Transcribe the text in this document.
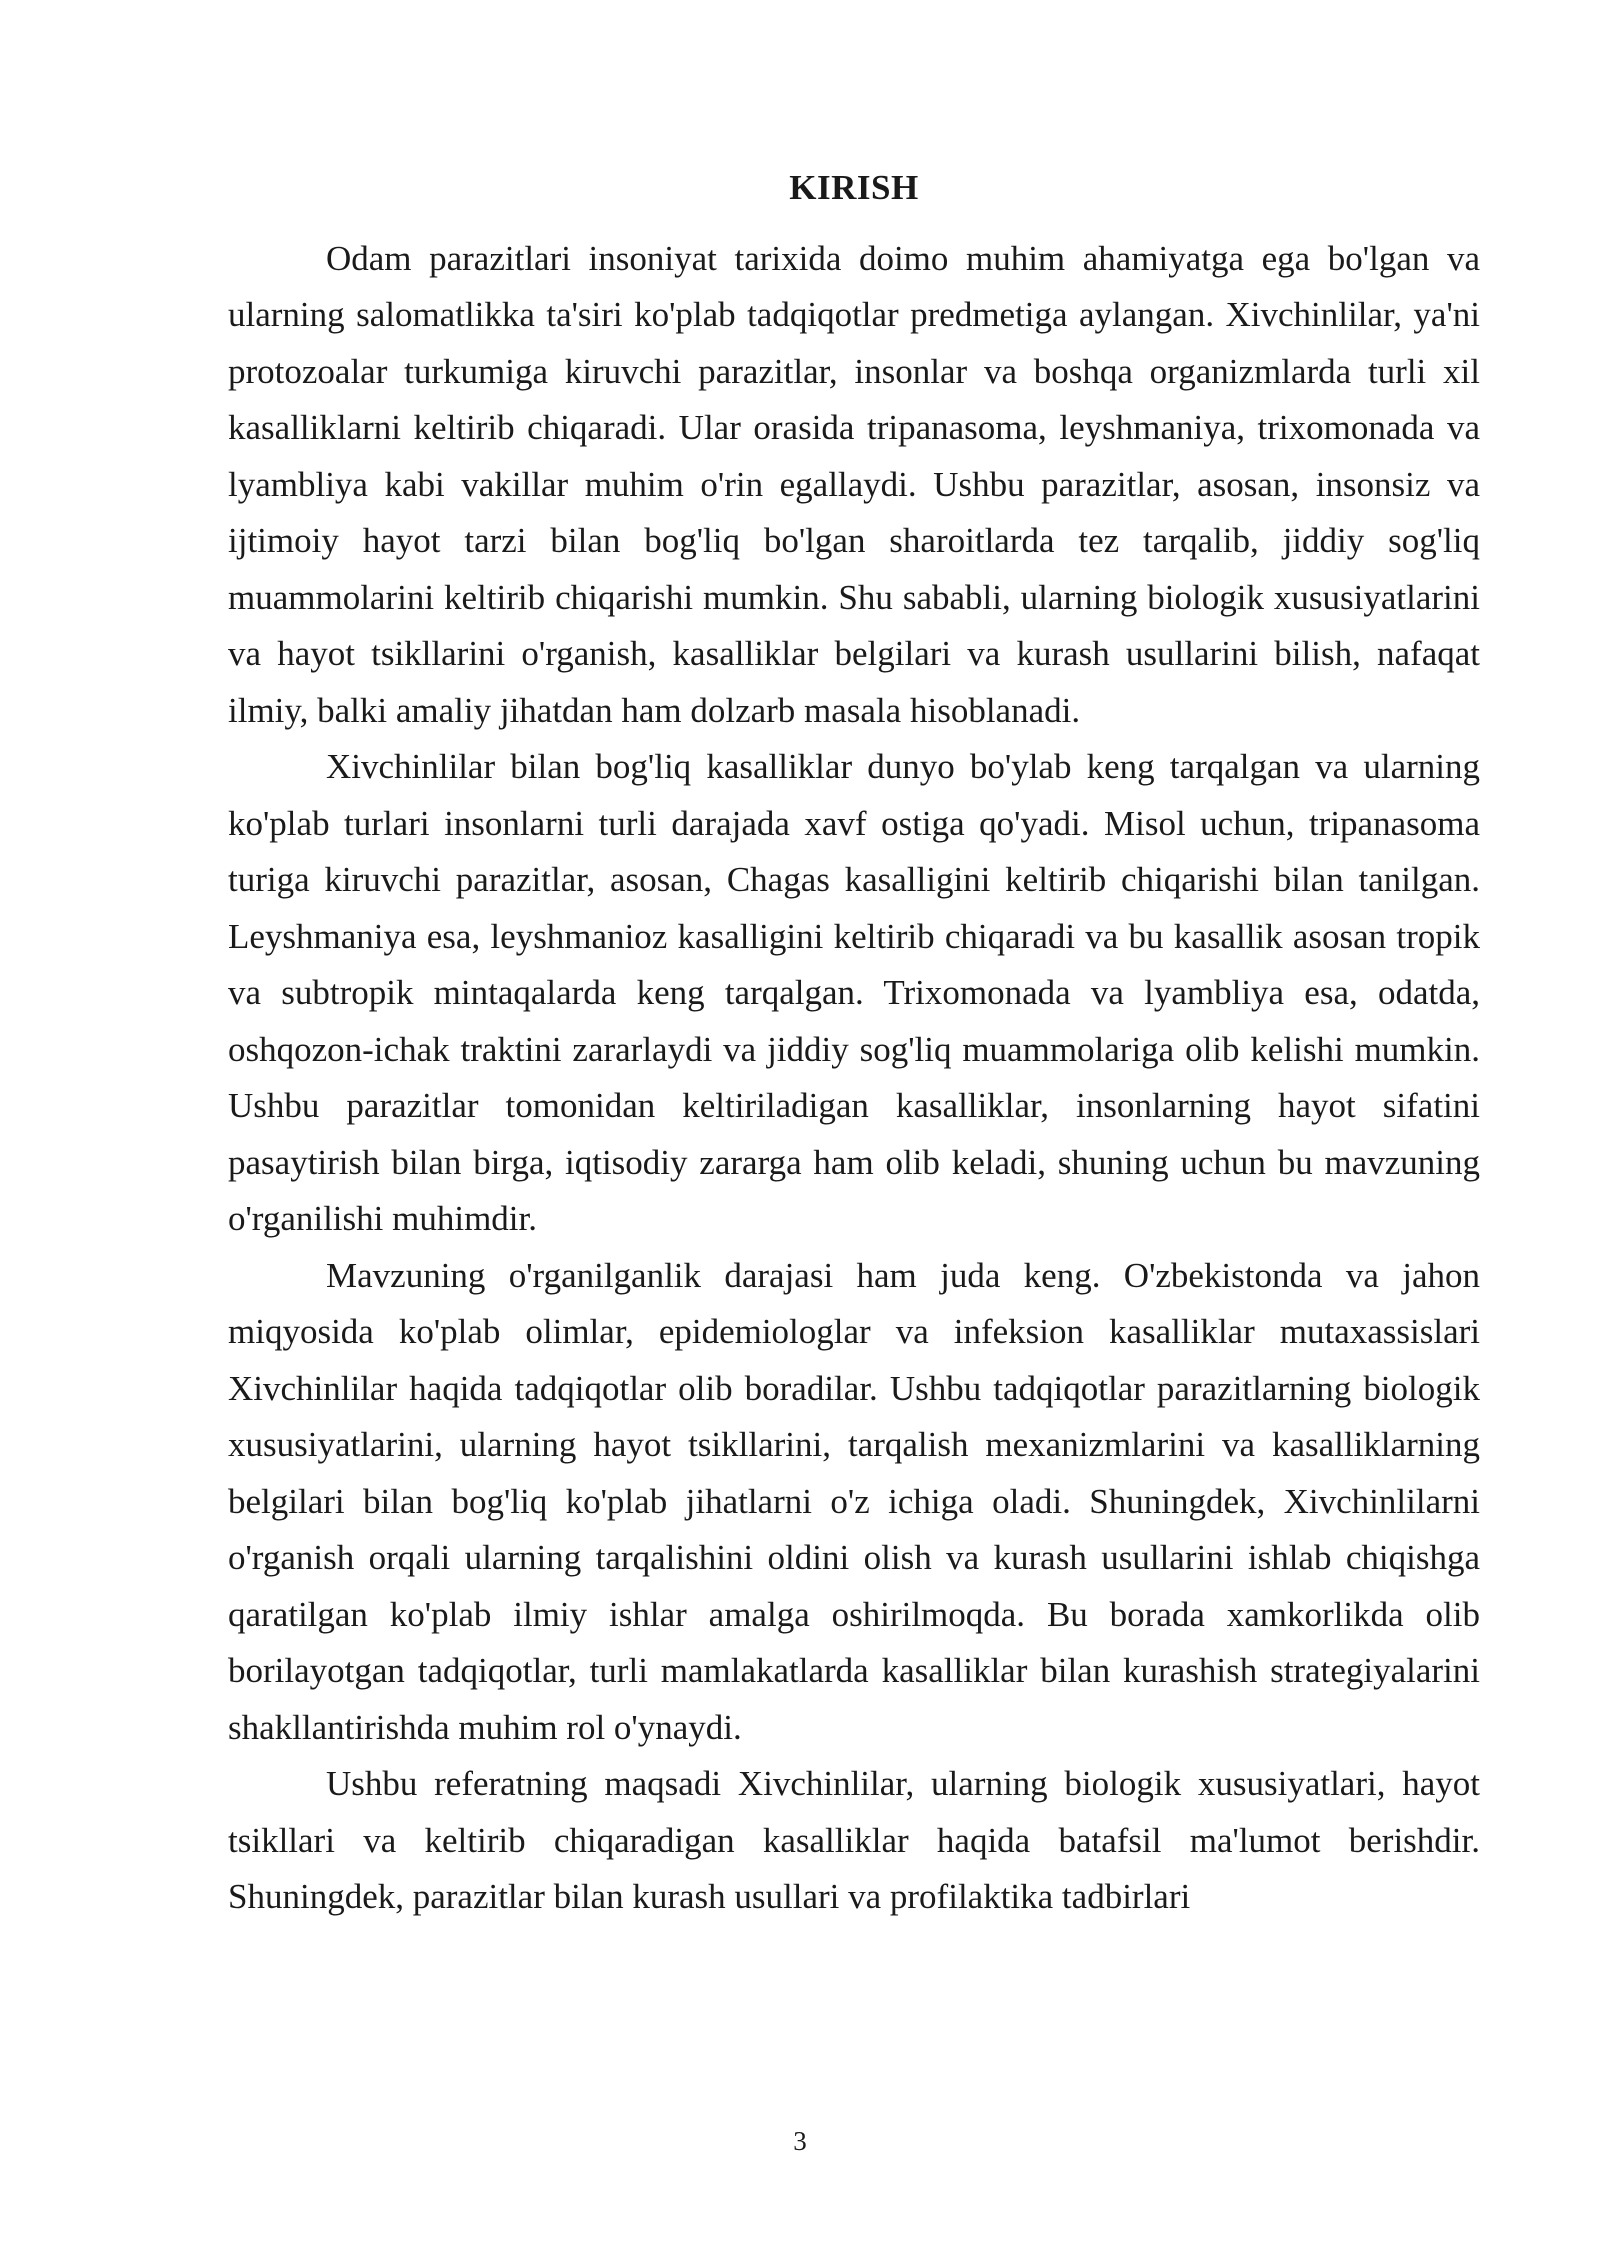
KIRISH

Odam parazitlari insoniyat tarixida doimo muhim ahamiyatga ega bo'lgan va ularning salomatlikka ta'siri ko'plab tadqiqotlar predmetiga aylangan. Xivchinlilar, ya'ni protozoalar turkumiga kiruvchi parazitlar, insonlar va boshqa organizmlarda turli xil kasalliklarni keltirib chiqaradi. Ular orasida tripanasoma, leyshmaniya, trixomonada va lyambliya kabi vakillar muhim o'rin egallaydi. Ushbu parazitlar, asosan, insonsiz va ijtimoiy hayot tarzi bilan bog'liq bo'lgan sharoitlarda tez tarqalib, jiddiy sog'liq muammolarini keltirib chiqarishi mumkin. Shu sababli, ularning biologik xususiyatlarini va hayot tsikllarini o'rganish, kasalliklar belgilari va kurash usullarini bilish, nafaqat ilmiy, balki amaliy jihatdan ham dolzarb masala hisoblanadi.

Xivchinlilar bilan bog'liq kasalliklar dunyo bo'ylab keng tarqalgan va ularning ko'plab turlari insonlarni turli darajada xavf ostiga qo'yadi. Misol uchun, tripanasoma turiga kiruvchi parazitlar, asosan, Chagas kasalligini keltirib chiqarishi bilan tanilgan. Leyshmaniya esa, leyshmanioz kasalligini keltirib chiqaradi va bu kasallik asosan tropik va subtropik mintaqalarda keng tarqalgan. Trixomonada va lyambliya esa, odatda, oshqozon-ichak traktini zararlaydi va jiddiy sog'liq muammolariga olib kelishi mumkin. Ushbu parazitlar tomonidan keltiriladigan kasalliklar, insonlarning hayot sifatini pasaytirish bilan birga, iqtisodiy zararga ham olib keladi, shuning uchun bu mavzuning o'rganilishi muhimdir.

Mavzuning o'rganilganlik darajasi ham juda keng. O'zbekistonda va jahon miqyosida ko'plab olimlar, epidemiologlar va infeksion kasalliklar mutaxassislari Xivchinlilar haqida tadqiqotlar olib boradilar. Ushbu tadqiqotlar parazitlarning biologik xususiyatlarini, ularning hayot tsikllarini, tarqalish mexanizmlarini va kasalliklarning belgilari bilan bog'liq ko'plab jihatlarni o'z ichiga oladi. Shuningdek, Xivchinlilarni o'rganish orqali ularning tarqalishini oldini olish va kurash usullarini ishlab chiqishga qaratilgan ko'plab ilmiy ishlar amalga oshirilmoqda. Bu borada xamkorlikda olib borilayotgan tadqiqotlar, turli mamlakatlarda kasalliklar bilan kurashish strategiyalarini shakllantirishda muhim rol o'ynaydi.

Ushbu referatning maqsadi Xivchinlilar, ularning biologik xususiyatlari, hayot tsikllari va keltirib chiqaradigan kasalliklar haqida batafsil ma'lumot berishdir. Shuningdek, parazitlar bilan kurash usullari va profilaktika tadbirlari

3
